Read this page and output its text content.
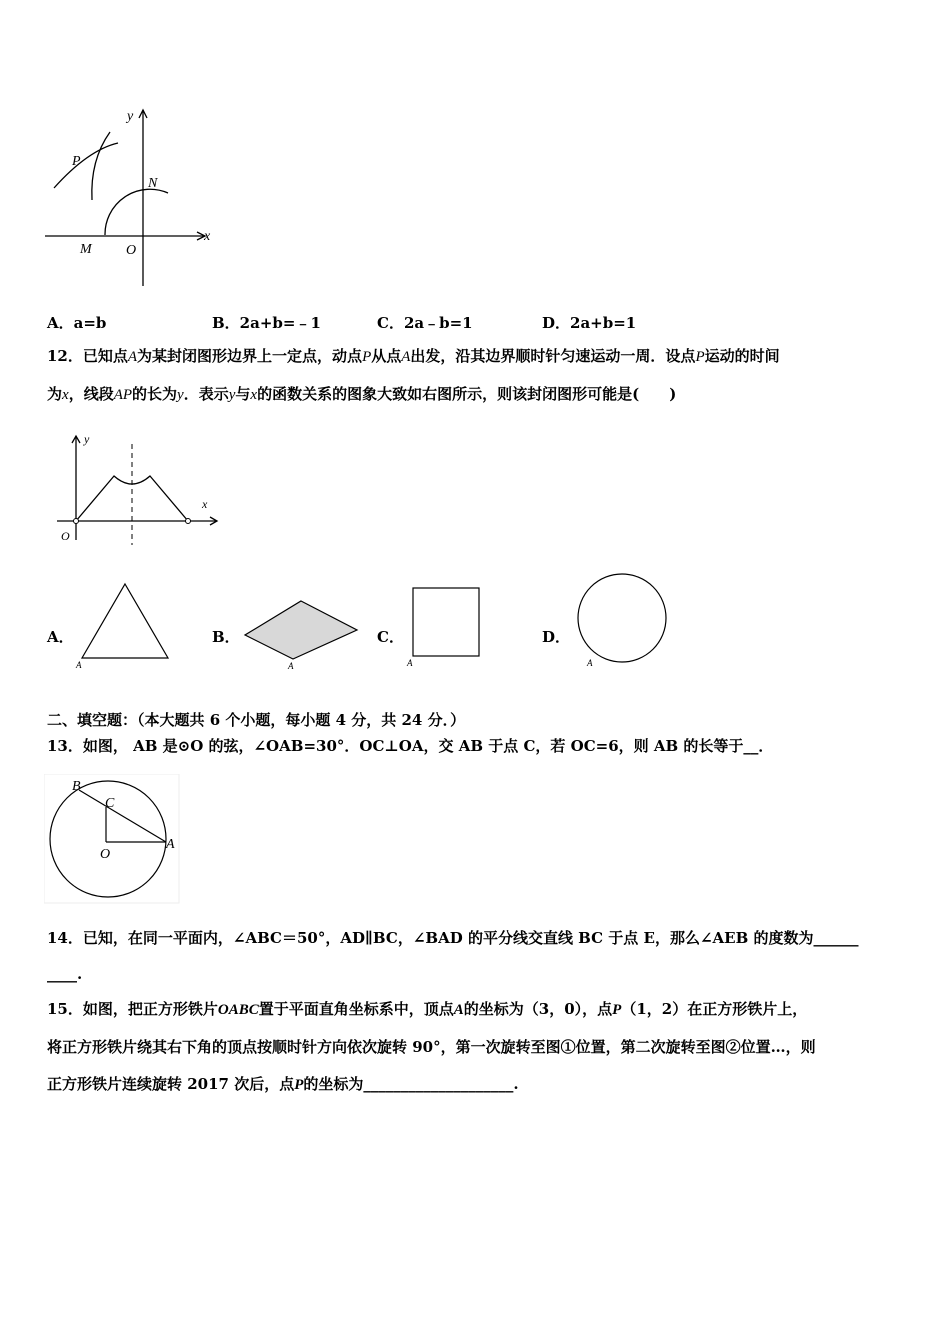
y
x
P
N
M O
A．a=b	B．2a+b=﹣1	C．2a﹣b=1	D．2a+b=1
12．已知点A为某封闭图形边界上一定点，动点P从点A出发，沿其边界顺时针匀速运动一周．设点P运动的时间
为x，线段AP的长为y．表示y与x的函数关系的图象大致如右图所示，则该封闭图形可能是(　　)
y
x
O
A．
A
B．
A
C．
A
D．
A
二、填空题：（本大题共 6 个小题，每小题 4 分，共 24 分．）
13．如图， AB 是⊙O 的弦，∠OAB=30°．OC⊥OA，交 AB 于点 C，若 OC=6，则 AB 的长等于__．
B
C
O
A
14．已知，在同一平面内，∠ABC＝50°，AD∥BC，∠BAD 的平分线交直线 BC 于点 E，那么∠AEB 的度数为______
____.
15．如图，把正方形铁片OABC置于平面直角坐标系中，顶点A的坐标为（3，0），点P（1，2）在正方形铁片上，
将正方形铁片绕其右下角的顶点按顺时针方向依次旋转 90°，第一次旋转至图①位置，第二次旋转至图②位置…，则
正方形铁片连续旋转 2017 次后，点P的坐标为____________________.
